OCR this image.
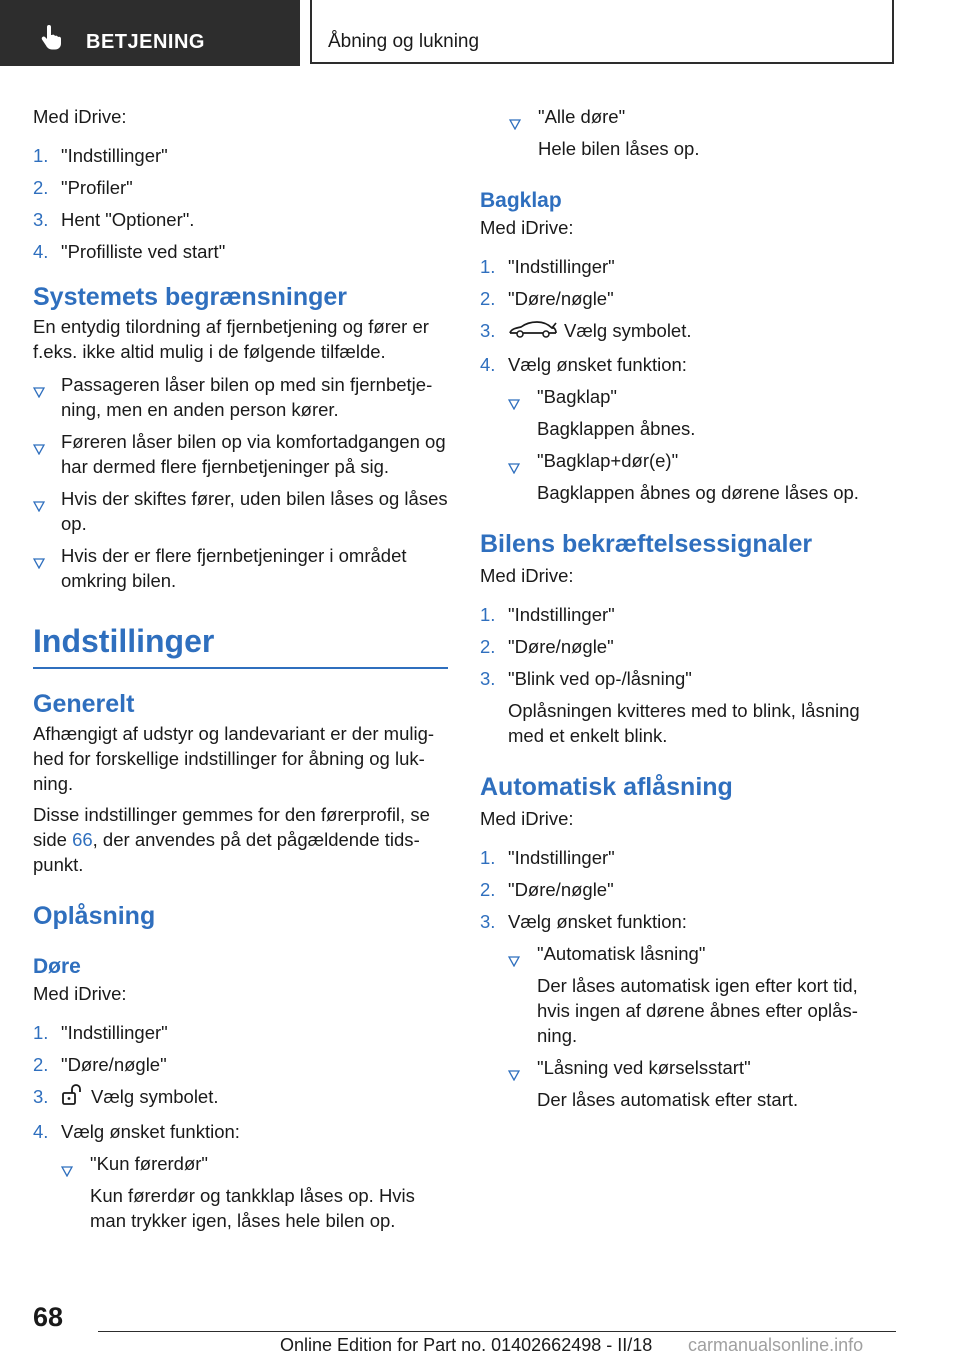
BETJENING	Åbning og lukning

Med iDrive:

1. "Indstillinger"
2. "Profiler"
3. Hent "Optioner".
4. "Profilliste ved start"
Systemets begrænsninger

En entydig tilordning af fjernbetjening og fører er f.eks. ikke altid mulig i de følgende tilfælde.

Passageren låser bilen op med sin fjernbetjening, men en anden person kører.
Føreren låser bilen op via komfortadgangen og har dermed flere fjernbetjeninger på sig.
Hvis der skiftes fører, uden bilen låses og låses op.
Hvis der er flere fjernbetjeninger i området omkring bilen.
Indstillinger
Generelt

Afhængigt af udstyr og landevariant er der mulighed for forskellige indstillinger for åbning og lukning.

Disse indstillinger gemmes for den førerprofil, se side 66, der anvendes på det pågældende tidspunkt.

Oplåsning
Døre

Med iDrive:

1. "Indstillinger"
2. "Døre/nøgle"
3. Vælg symbolet.
4. Vælg ønsket funktion:
"Kun førerdør"
Kun førerdør og tankklap låses op. Hvis man trykker igen, låses hele bilen op.
"Alle døre"
Hele bilen låses op.
Bagklap

Med iDrive:

1. "Indstillinger"
2. "Døre/nøgle"
3.	Vælg symbolet.
4. Vælg ønsket funktion:
"Bagklap"
Bagklappen åbnes.
"Bagklap+dør(e)"
Bagklappen åbnes og dørene låses op.
Bilens bekræftelsessignaler

Med iDrive:

1. "Indstillinger"
2. "Døre/nøgle"
3. "Blink ved op-/låsning"
Oplåsningen kvitteres med to blink, låsning med et enkelt blink.
Automatisk aflåsning

Med iDrive:

1. "Indstillinger"
2. "Døre/nøgle"
3. Vælg ønsket funktion:
"Automatisk låsning"
Der låses automatisk igen efter kort tid, hvis ingen af dørene åbnes efter oplåsning.
"Låsning ved kørselsstart"
Der låses automatisk efter start.
68
Online Edition for Part no. 01402662498 - II/18 carmanualsonline.info
